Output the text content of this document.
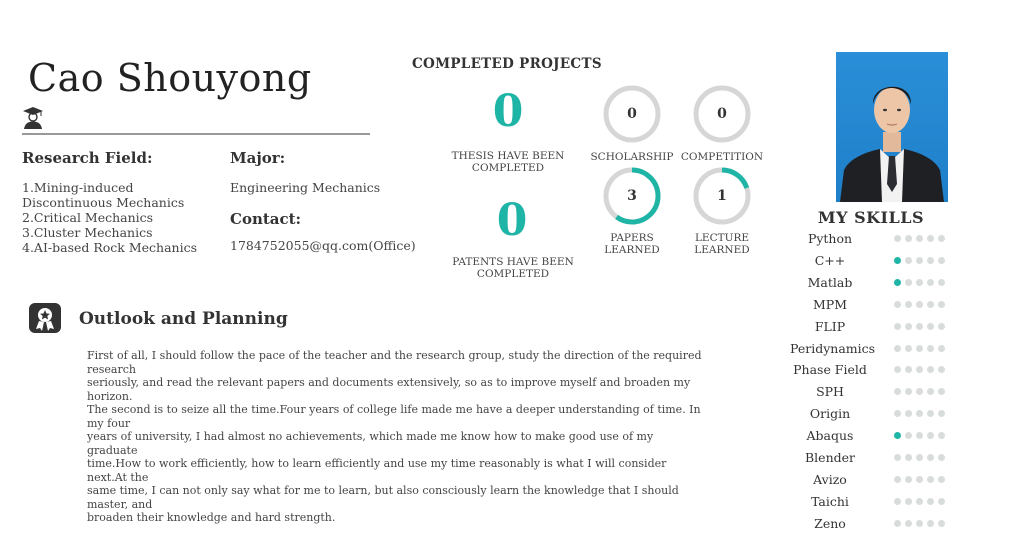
Cao Shouyong
Research Field:
1.Mining-induced
Discontinuous Mechanics
2.Critical Mechanics
3.Cluster Mechanics
4.AI-based Rock Mechanics
Major:
Engineering Mechanics
Contact:
1784752055@qq.com(Office)
COMPLETED PROJECTS
0
THESIS HAVE BEEN
COMPLETED
0
PATENTS HAVE BEEN
COMPLETED
0
SCHOLARSHIP
0
COMPETITION
3
PAPERS
LEARNED
1
LECTURE
LEARNED
MY SKILLS
Python
C++
Matlab
MPM
FLIP
Peridynamics
Phase Field
SPH
Origin
Abaqus
Blender
Avizo
Taichi
Zeno
Outlook and Planning
First of all, I should follow the pace of the teacher and the research group, study the direction of the required research
seriously, and read the relevant papers and documents extensively, so as to improve myself and broaden my horizon.
The second is to seize all the time.Four years of college life made me have a deeper understanding of time. In my four
years of university, I had almost no achievements, which made me know how to make good use of my graduate
time.How to work efficiently, how to learn efficiently and use my time reasonably is what I will consider next.At the
same time, I can not only say what for me to learn, but also consciously learn the knowledge that I should master, and
broaden their knowledge and hard strength.
